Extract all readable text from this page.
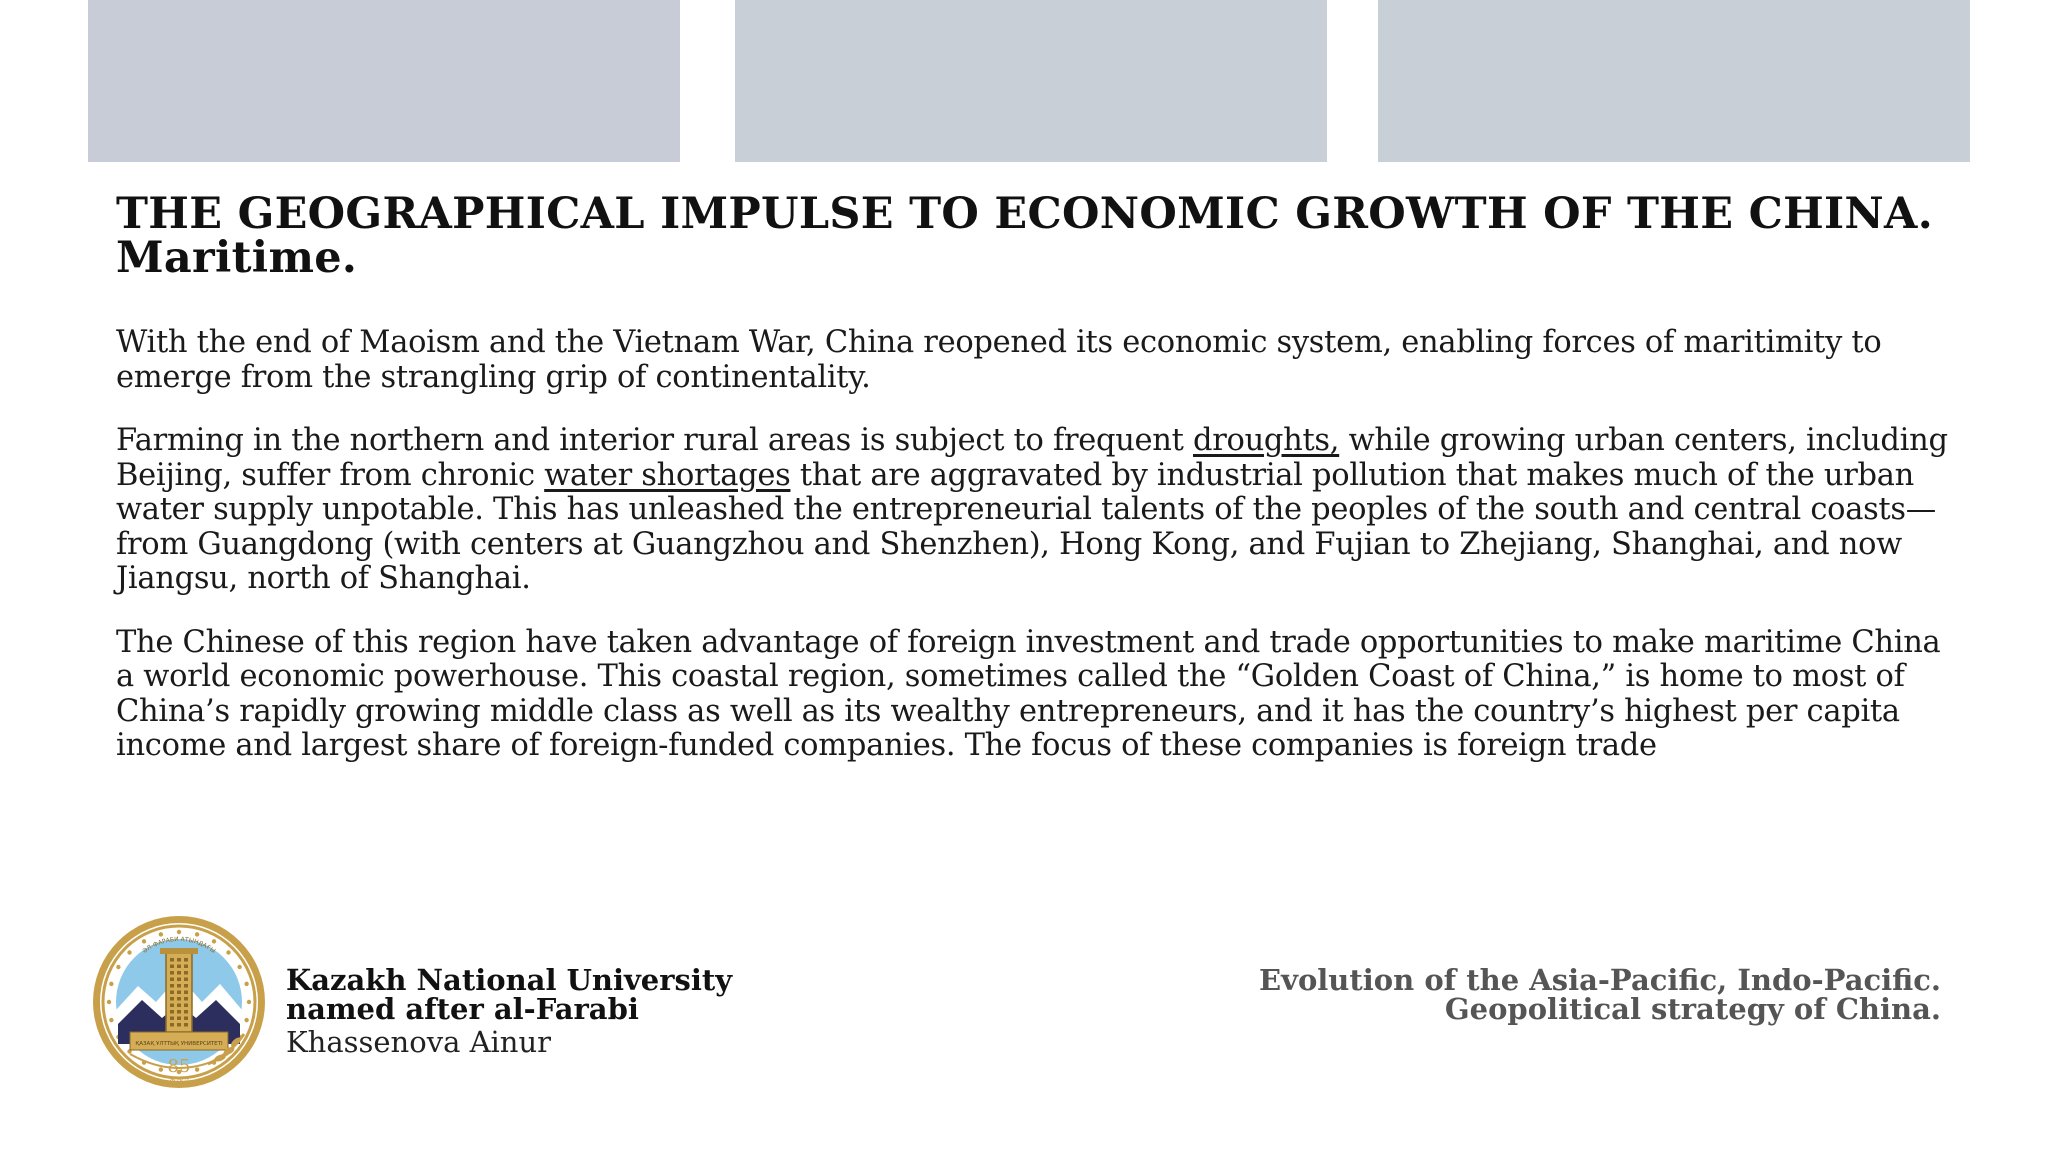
THE GEOGRAPHICAL IMPULSE TO ECONOMIC GROWTH OF THE CHINA.
Maritime.

With the end of Maoism and the Vietnam War, China reopened its economic system, enabling forces of maritimity to emerge from the strangling grip of continentality.

Farming in the northern and interior rural areas is subject to frequent droughts, while growing urban centers, including Beijing, suffer from chronic water shortages that are aggravated by industrial pollution that makes much of the urban water supply unpotable. This has unleashed the entrepreneurial talents of the peoples of the south and central coasts—from Guangdong (with centers at Guangzhou and Shenzhen), Hong Kong, and Fujian to Zhejiang, Shanghai, and now Jiangsu, north of Shanghai.

The Chinese of this region have taken advantage of foreign investment and trade opportunities to make maritime China a world economic powerhouse. This coastal region, sometimes called the “Golden Coast of China,” is home to most of China’s rapidly growing middle class as well as its wealthy entrepreneurs, and it has the country’s highest per capita income and largest share of foreign-funded companies. The focus of these companies is foreign trade

ӘЛ-ФАРАБИ АТЫНДАҒЫ
ҚАЗАҚ ҰЛТТЫҚ УНИВЕРСИТЕТІ
85
ЖЫЛ
Kazakh National University
named after al-Farabi
Khassenova Ainur
Evolution of the Asia-Pacific, Indo-Pacific. Geopolitical strategy of China.
